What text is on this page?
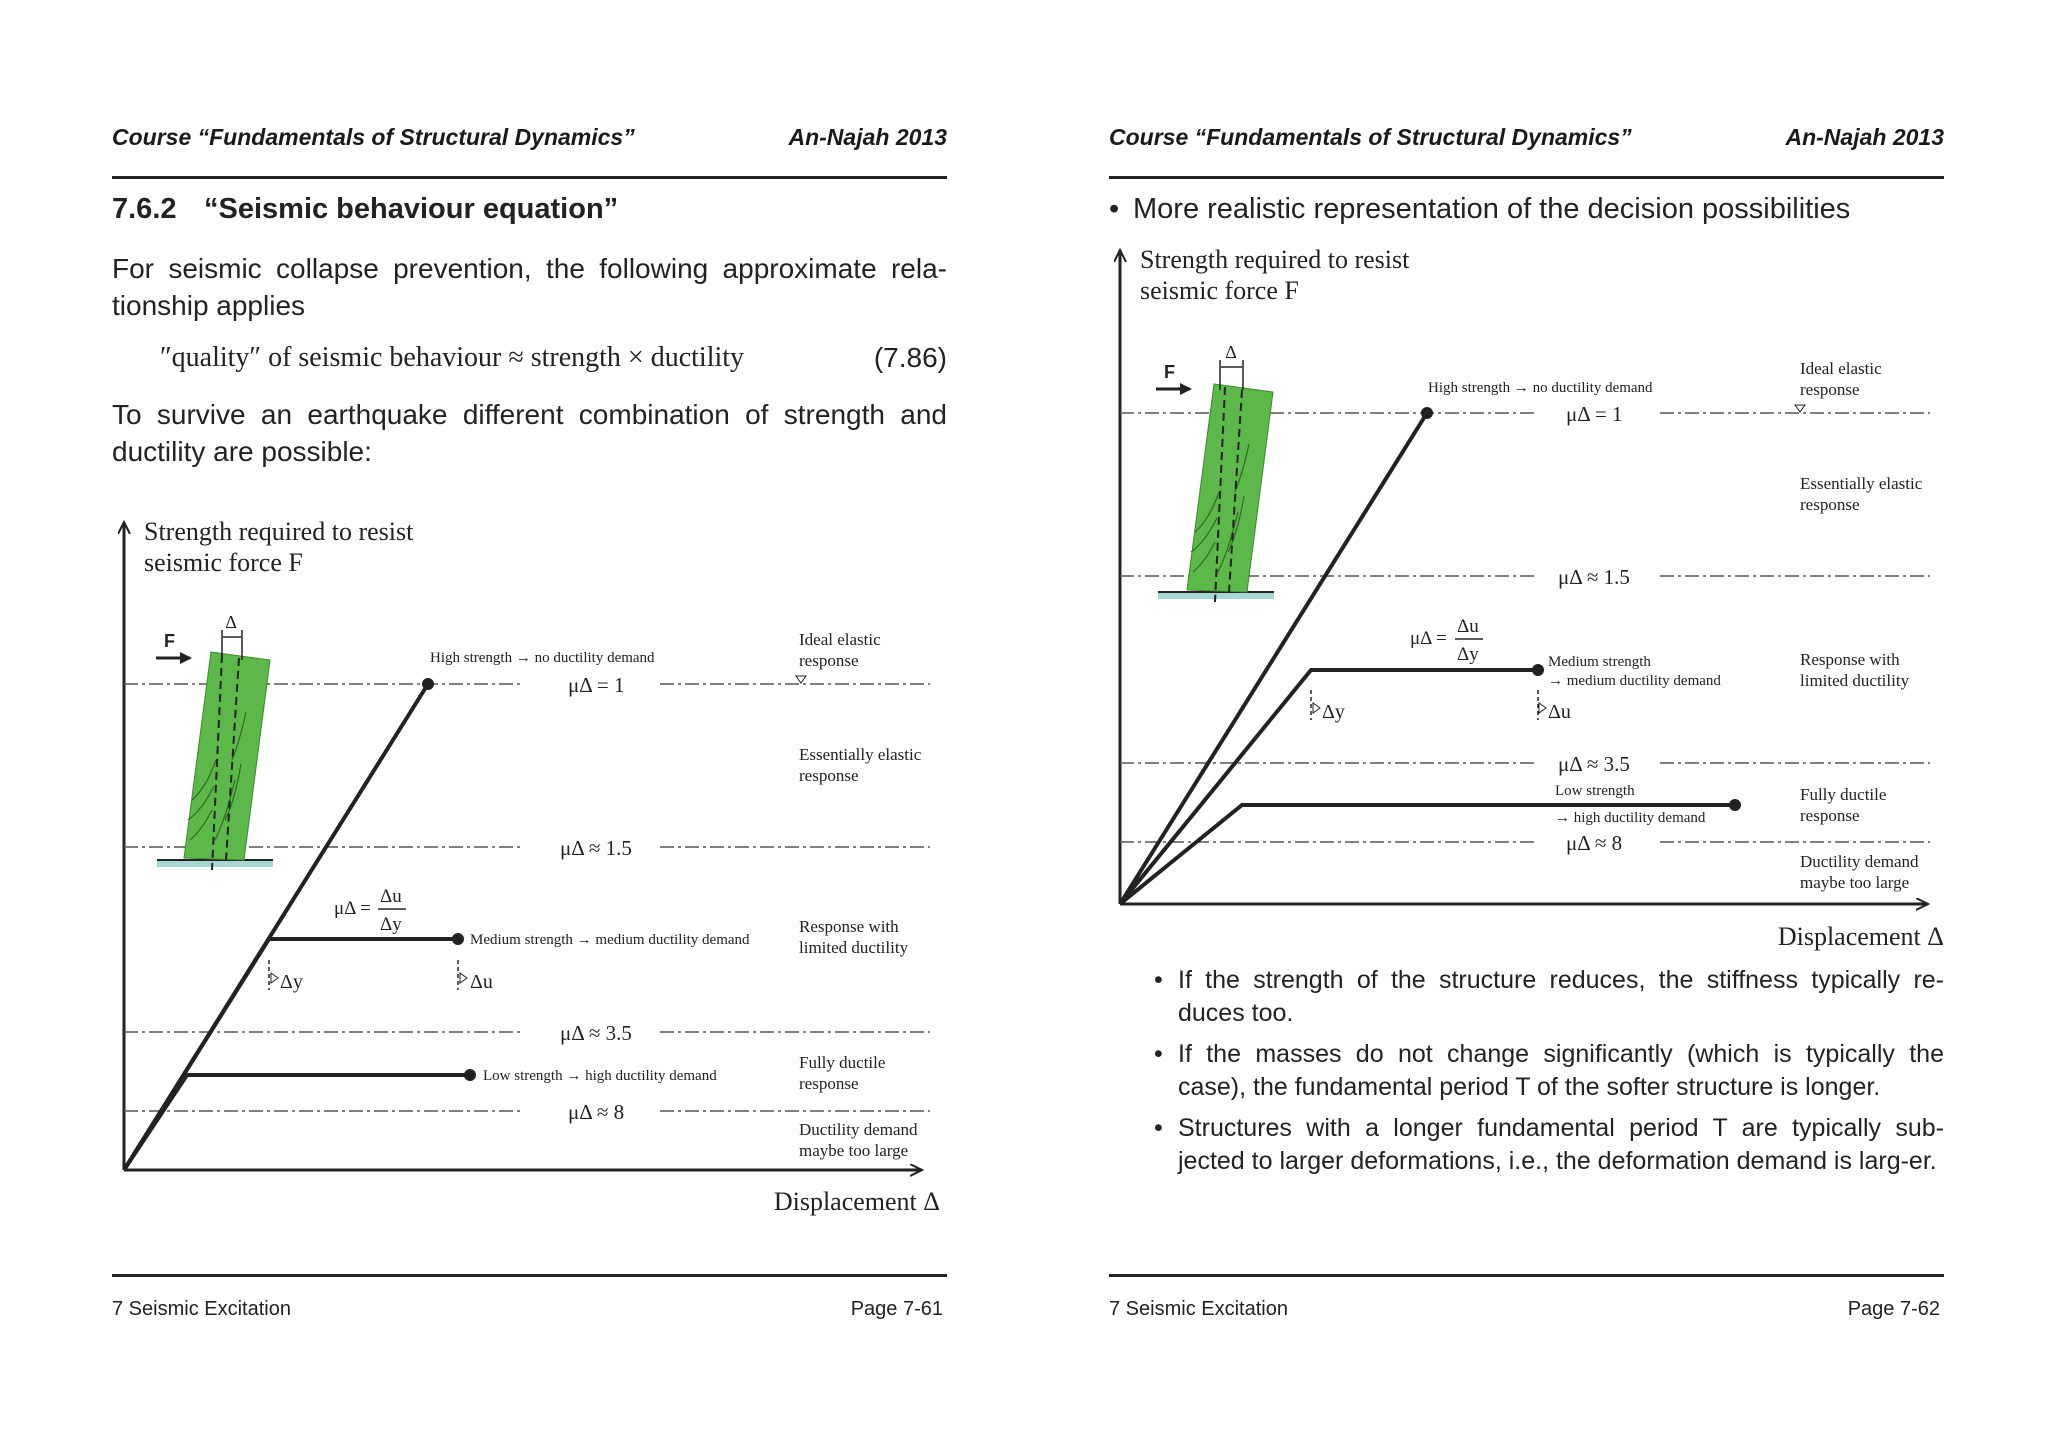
Course “Fundamentals of Structural Dynamics”	An-Najah 2013
7.6.2 “Seismic behaviour equation”
For seismic collapse prevention, the following approximate rela-tionship applies
″quality″ of seismic behaviour ≈ strength × ductility	(7.86)
To survive an earthquake different combination of strength and ductility are possible:
7 Seismic Excitation	Page 7-61
Strength required to resist
seismic force F
Displacement Δ
Δ
F
High strength → no ductility demand
Medium strength → medium ductility demand
Low strength → high ductility demand
μΔ = 1
μΔ ≈ 1.5
μΔ ≈ 3.5
μΔ ≈ 8
μΔ =
Δu
Δy
Δy	Δu
Ideal elastic
response
Essentially elastic
response
Response with
limited ductility
Fully ductile
response
Ductility demand
maybe too large
Course “Fundamentals of Structural Dynamics”	An-Najah 2013
• More realistic representation of the decision possibilities
• If the strength of the structure reduces, the stiffness typically re-duces too.
• If the masses do not change significantly (which is typically the case), the fundamental period T of the softer structure is longer.
• Structures with a longer fundamental period T are typically sub-jected to larger deformations, i.e., the deformation demand is larg-er.
7 Seismic Excitation	Page 7-62
Strength required to resist
seismic force F
Displacement Δ
Δ
F
High strength → no ductility demand
Medium strength
→ medium ductility demand
Low strength
→ high ductility demand
μΔ = 1
μΔ ≈ 1.5
μΔ ≈ 3.5
μΔ ≈ 8
μΔ =
Δu
Δy
Δy	Δu
Ideal elastic
response
Essentially elastic
response
Response with
limited ductility
Fully ductile
response
Ductility demand
maybe too large
